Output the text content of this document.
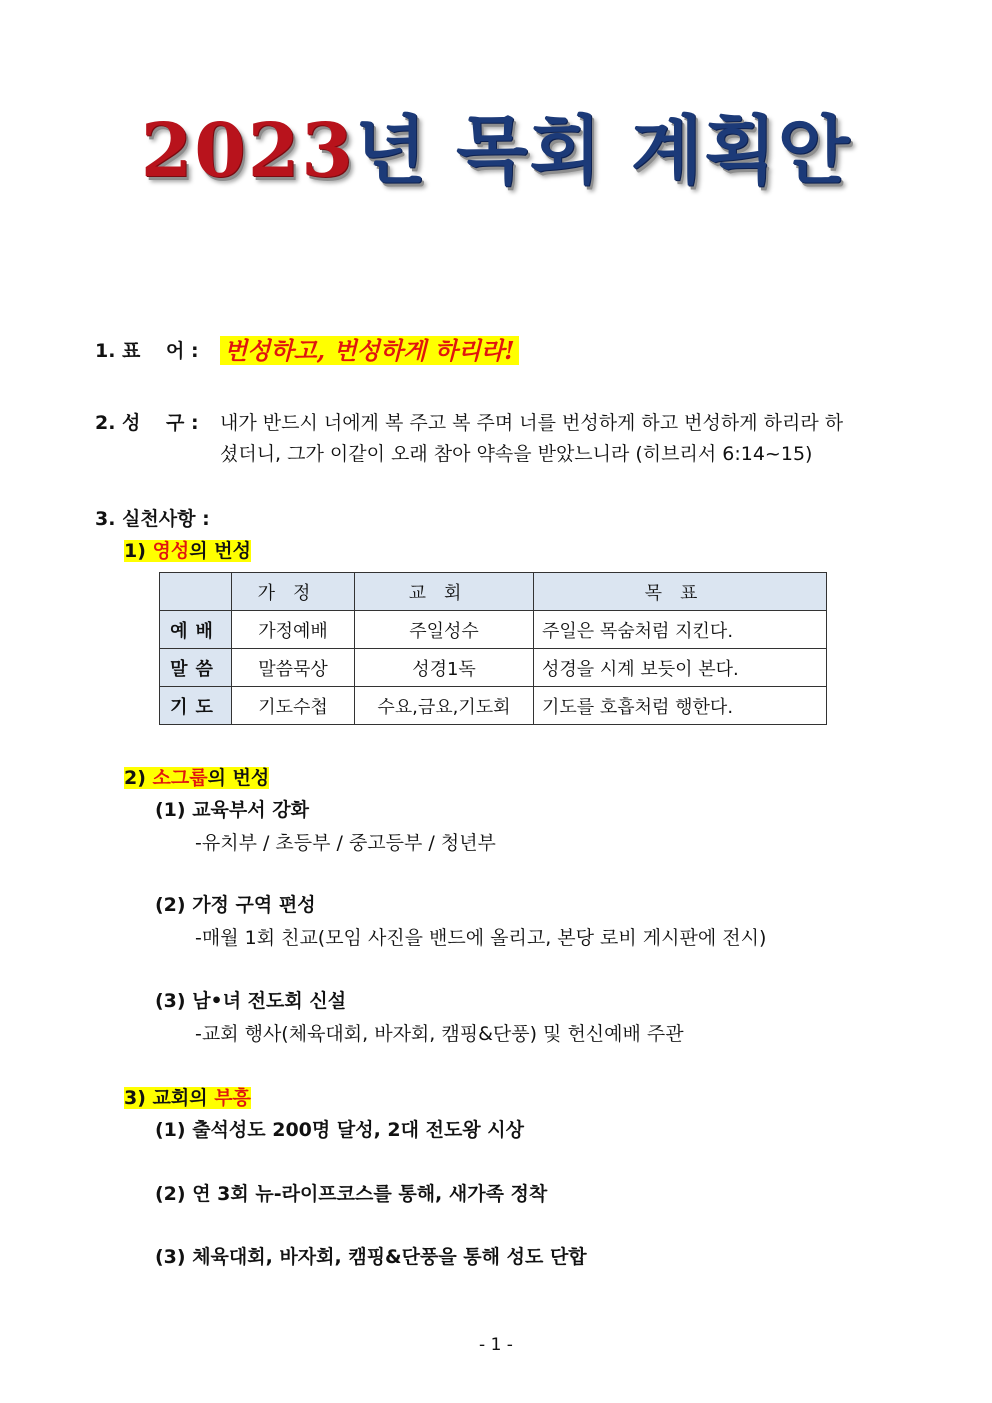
2023년 목회 계획안
1. 표　 어 : 번성하고, 번성하게 하리라!
2. 성　 구 : 내가 반드시 너에게 복 주고 복 주며 너를 번성하게 하고 번성하게 하리라 하
셨더니, 그가 이같이 오래 참아 약속을 받았느니라 (히브리서 6:14~15)
3. 실천사항 :
1) 영성의 번성
	가정	교회	목표
예배	가정예배	주일성수	주일은 목숨처럼 지킨다.
말씀	말씀묵상	성경1독	성경을 시계 보듯이 본다.
기도	기도수첩	수요,금요,기도회	기도를 호흡처럼 행한다.
2) 소그룹의 번성
(1) 교육부서 강화
-유치부 / 초등부 / 중고등부 / 청년부
(2) 가정 구역 편성
-매월 1회 친교(모임 사진을 밴드에 올리고, 본당 로비 게시판에 전시)
(3) 남•녀 전도회 신설
-교회 행사(체육대회, 바자회, 캠핑&단풍) 및 헌신예배 주관
3) 교회의 부흥
(1) 출석성도 200명 달성, 2대 전도왕 시상
(2) 연 3회 뉴-라이프코스를 통해, 새가족 정착
(3) 체육대회, 바자회, 캠핑&단풍을 통해 성도 단합
- 1 -
